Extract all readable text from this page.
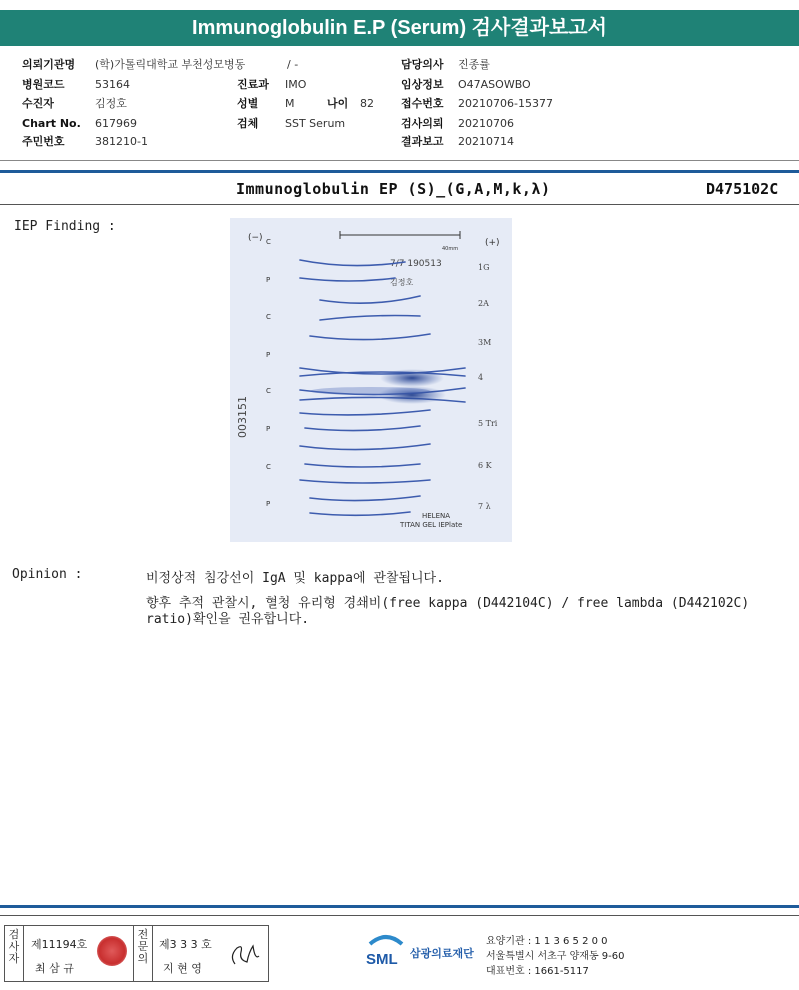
Immunoglobulin E.P (Serum) 검사결과보고서
의뢰기관명 (학)가톨릭대학교 부천성모병동	/ -
병원코드	53164
수진자	김정호
Chart No. 617969
주민번호	381210-1
진료과 IMO
성별 M	나이 82
검체 SST Serum
담당의사 진종률
임상정보 O47ASOWBO
접수번호 20210706-15377
검사의뢰 20210706
결과보고 20210714
Immunoglobulin EP (S)_(G,A,M,k,λ)	D475102C
IEP Finding :
(−)	(+)
40mm
7/7 190513
김정호
003151
C
P
C
P
C
P
C
P
1G
2A
3M
4
5 Tri
6 K
7 λ
HELENA
TITAN GEL IEPlate
Opinion :	비정상적 침강선이 IgA 및 kappa에 관찰됩니다.
향후 추적 관찰시, 혈청 유리형 경쇄비(free kappa (D442104C) / free lambda (D442102C) ratio)확인을 권유합니다.
검사자
제11194호
최 삼 규
전문의
제3 3 3 호
지 현 영
SML 삼광의료재단
요양기관 : 1 1 3 6 5 2 0 0
서울특별시 서초구 양재동 9-60
대표번호 : 1661-5117
